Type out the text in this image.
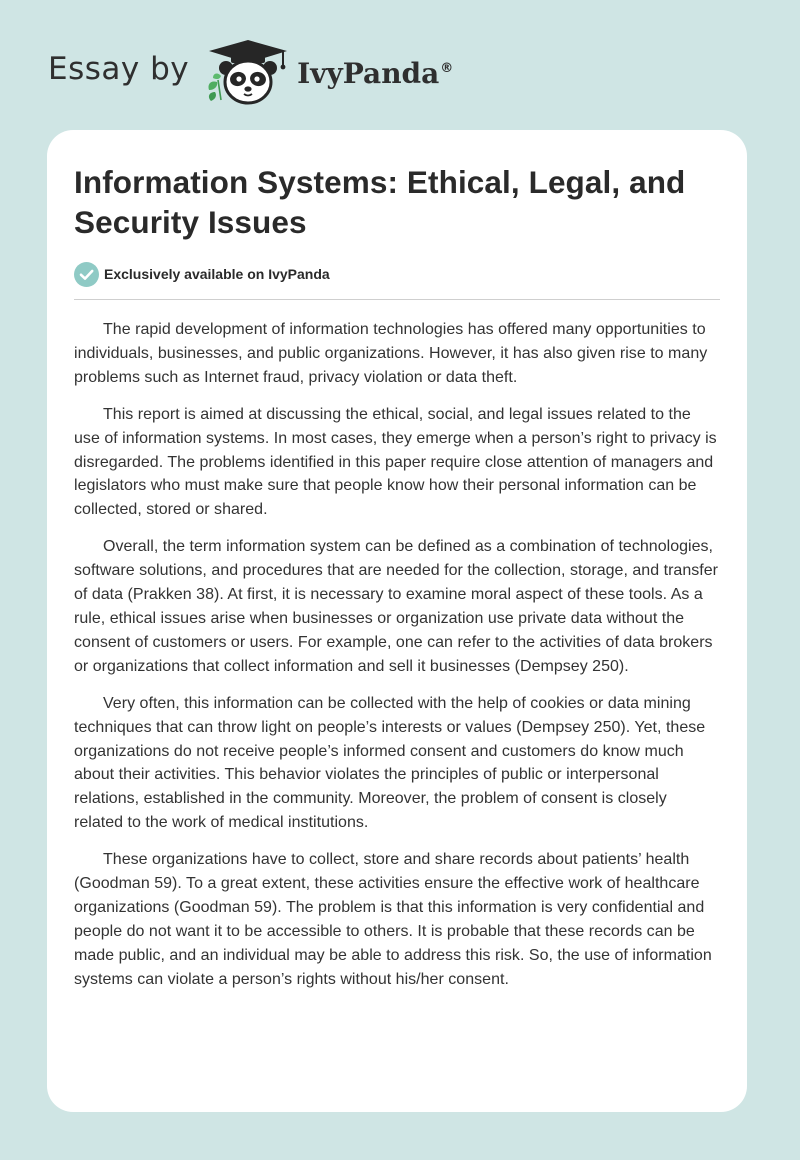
Essay by	IvyPanda®
Information Systems: Ethical, Legal, and Security Issues
Exclusively available on IvyPanda

The rapid development of information technologies has offered many opportunities to individuals, businesses, and public organizations. However, it has also given rise to many problems such as Internet fraud, privacy violation or data theft.

This report is aimed at discussing the ethical, social, and legal issues related to the use of information systems. In most cases, they emerge when a person’s right to privacy is disregarded. The problems identified in this paper require close attention of managers and legislators who must make sure that people know how their personal information can be collected, stored or shared.

Overall, the term information system can be defined as a combination of technologies, software solutions, and procedures that are needed for the collection, storage, and transfer of data (Prakken 38). At first, it is necessary to examine moral aspect of these tools. As a rule, ethical issues arise when businesses or organization use private data without the consent of customers or users. For example, one can refer to the activities of data brokers or organizations that collect information and sell it businesses (Dempsey 250).

Very often, this information can be collected with the help of cookies or data mining techniques that can throw light on people’s interests or values (Dempsey 250). Yet, these organizations do not receive people’s informed consent and customers do know much about their activities. This behavior violates the principles of public or interpersonal relations, established in the community. Moreover, the problem of consent is closely related to the work of medical institutions.

These organizations have to collect, store and share records about patients’ health (Goodman 59). To a great extent, these activities ensure the effective work of healthcare organizations (Goodman 59). The problem is that this information is very confidential and people do not want it to be accessible to others. It is probable that these records can be made public, and an individual may be able to address this risk. So, the use of information systems can violate a person’s rights without his/her consent.
